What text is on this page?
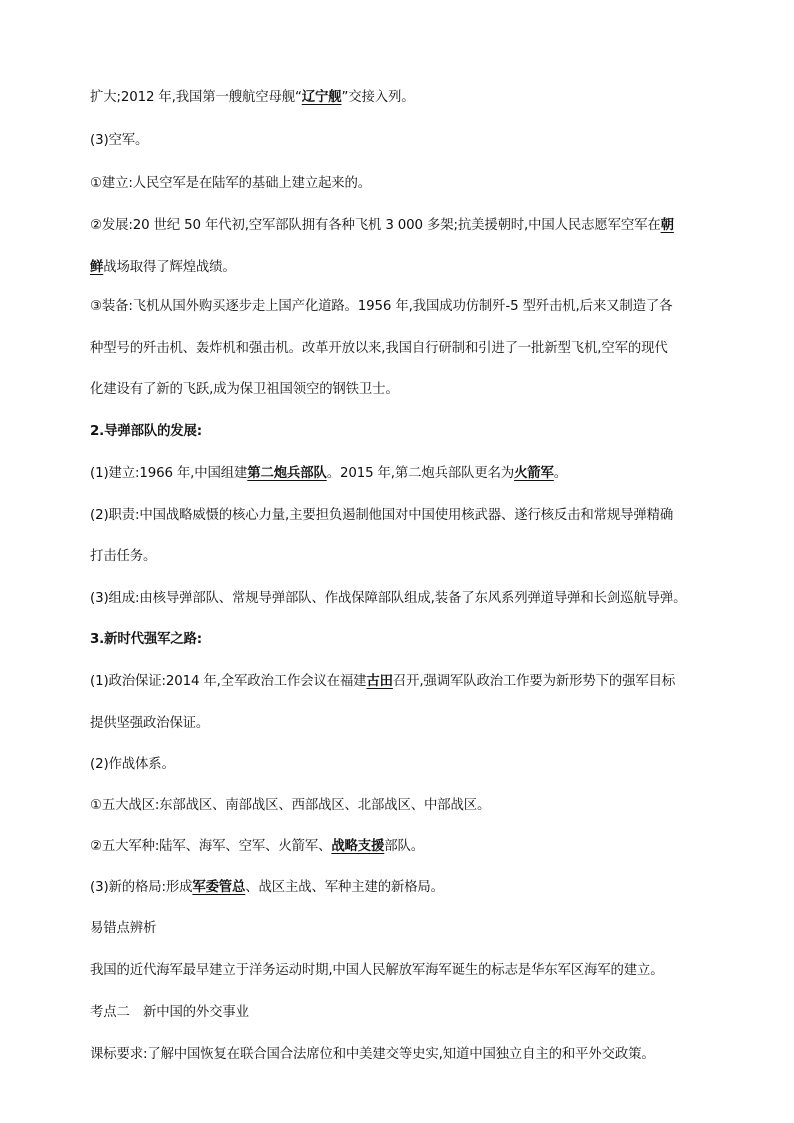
扩大;2012 年,我国第一艘航空母舰“辽宁舰”交接入列。
(3)空军。
①建立:人民空军是在陆军的基础上建立起来的。
②发展:20 世纪 50 年代初,空军部队拥有各种飞机 3 000 多架;抗美援朝时,中国人民志愿军空军在朝
鲜战场取得了辉煌战绩。
③装备:飞机从国外购买逐步走上国产化道路。1956 年,我国成功仿制歼-5 型歼击机,后来又制造了各
种型号的歼击机、轰炸机和强击机。改革开放以来,我国自行研制和引进了一批新型飞机,空军的现代
化建设有了新的飞跃,成为保卫祖国领空的钢铁卫士。
2.导弹部队的发展:
(1)建立:1966 年,中国组建第二炮兵部队。2015 年,第二炮兵部队更名为火箭军。
(2)职责:中国战略威慑的核心力量,主要担负遏制他国对中国使用核武器、遂行核反击和常规导弹精确
打击任务。
(3)组成:由核导弹部队、常规导弹部队、作战保障部队组成,装备了东风系列弹道导弹和长剑巡航导弹。
3.新时代强军之路:
(1)政治保证:2014 年,全军政治工作会议在福建古田召开,强调军队政治工作要为新形势下的强军目标
提供坚强政治保证。
(2)作战体系。
①五大战区:东部战区、南部战区、西部战区、北部战区、中部战区。
②五大军种:陆军、海军、空军、火箭军、战略支援部队。
(3)新的格局:形成军委管总、战区主战、军种主建的新格局。
易错点辨析
我国的近代海军最早建立于洋务运动时期,中国人民解放军海军诞生的标志是华东军区海军的建立。
考点二　新中国的外交事业
课标要求:了解中国恢复在联合国合法席位和中美建交等史实,知道中国独立自主的和平外交政策。
